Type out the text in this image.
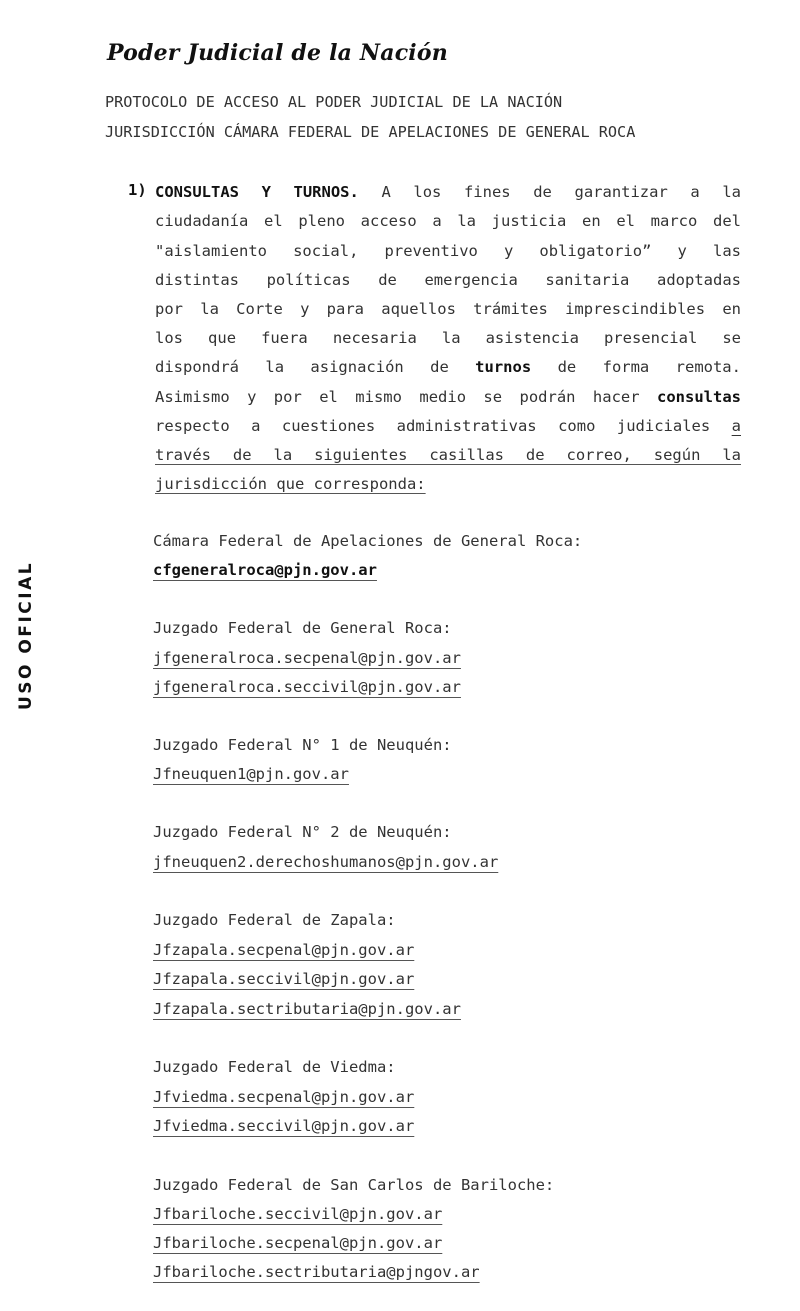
Poder Judicial de la Nación
PROTOCOLO DE ACCESO AL PODER JUDICIAL DE LA NACIÓN
JURISDICCIÓN CÁMARA FEDERAL DE APELACIONES DE GENERAL ROCA
USO OFICIAL
1) CONSULTAS Y TURNOS. A los fines de garantizar a la
ciudadanía el pleno acceso a la justicia en el marco del
"aislamiento social, preventivo y obligatorio” y las
distintas políticas de emergencia sanitaria adoptadas
por la Corte y para aquellos trámites imprescindibles en
los que fuera necesaria la asistencia presencial se
dispondrá la asignación de turnos de forma remota.
Asimismo y por el mismo medio se podrán hacer consultas
respecto a cuestiones administrativas como judiciales a
través de la siguientes casillas de correo, según la
jurisdicción que corresponda:
Cámara Federal de Apelaciones de General Roca:
cfgeneralroca@pjn.gov.ar
Juzgado Federal de General Roca:
jfgeneralroca.secpenal@pjn.gov.ar
jfgeneralroca.seccivil@pjn.gov.ar
Juzgado Federal N° 1 de Neuquén:
Jfneuquen1@pjn.gov.ar
Juzgado Federal N° 2 de Neuquén:
jfneuquen2.derechoshumanos@pjn.gov.ar
Juzgado Federal de Zapala:
Jfzapala.secpenal@pjn.gov.ar
Jfzapala.seccivil@pjn.gov.ar
Jfzapala.sectributaria@pjn.gov.ar
Juzgado Federal de Viedma:
Jfviedma.secpenal@pjn.gov.ar
Jfviedma.seccivil@pjn.gov.ar
Juzgado Federal de San Carlos de Bariloche:
Jfbariloche.seccivil@pjn.gov.ar
Jfbariloche.secpenal@pjn.gov.ar
Jfbariloche.sectributaria@pjngov.ar
